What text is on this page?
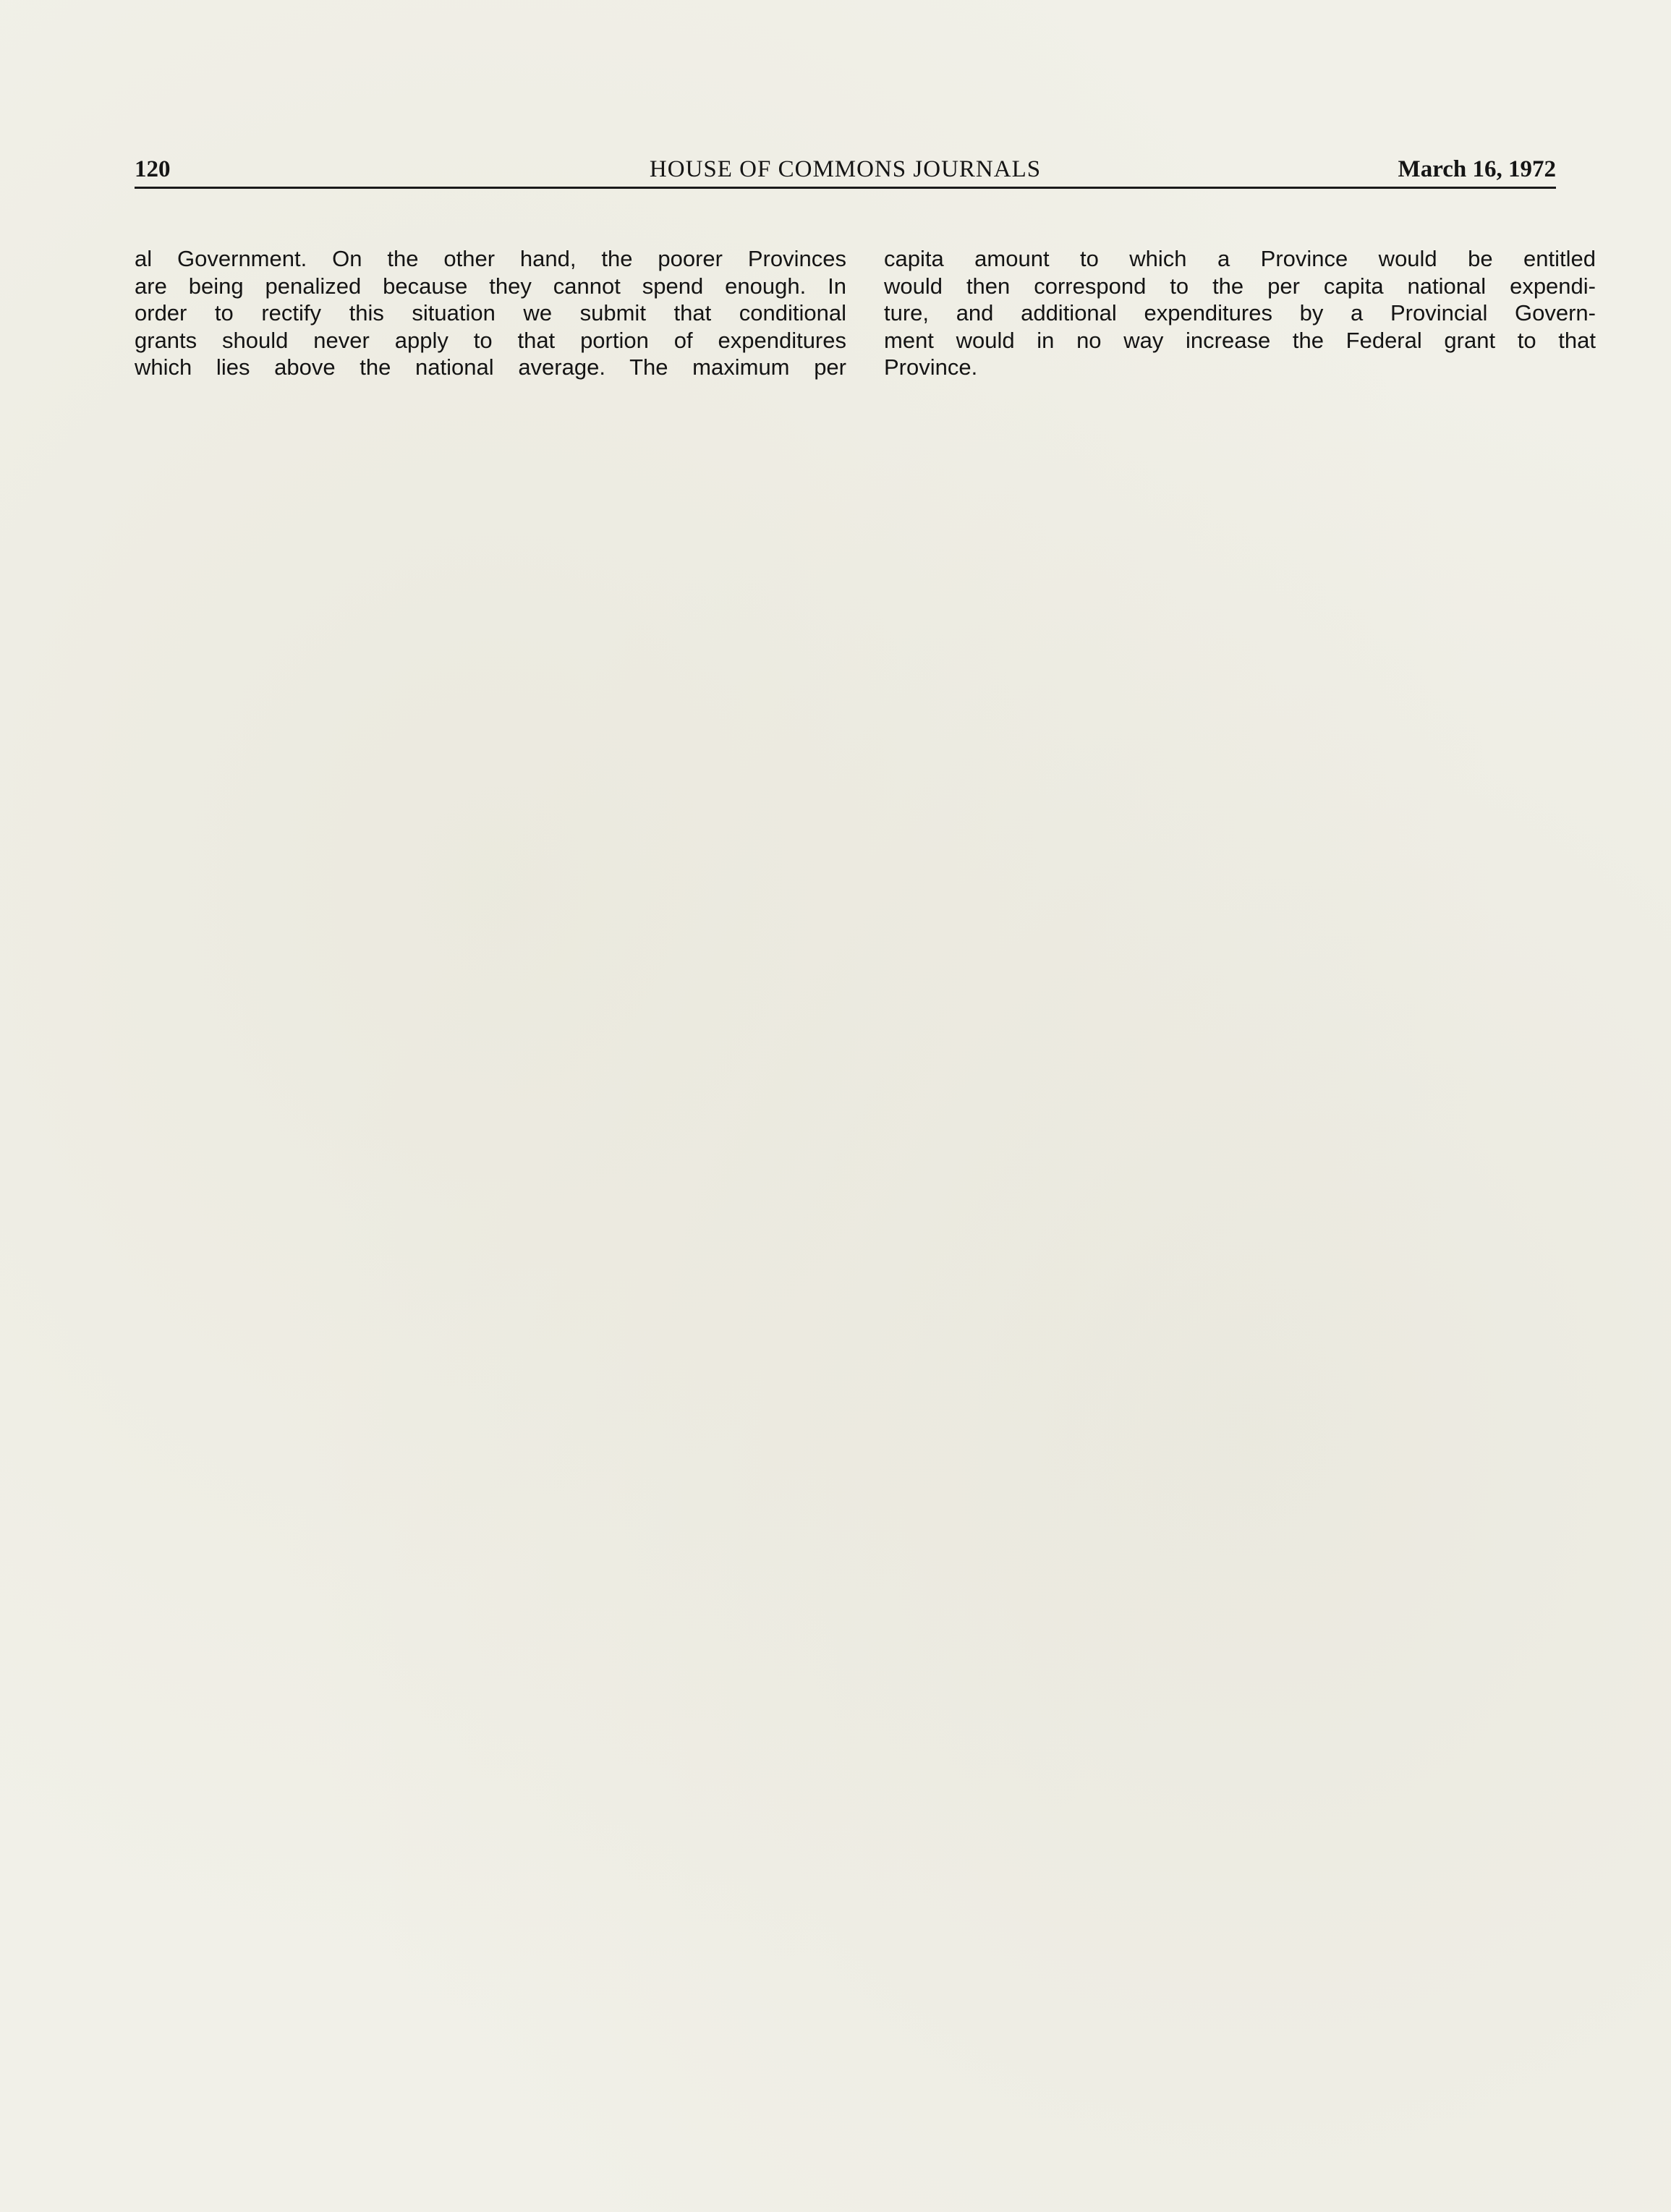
120	HOUSE OF COMMONS JOURNALS	March 16, 1972
al Government. On the other hand, the poorer Provinces
are being penalized because they cannot spend enough. In
order to rectify this situation we submit that conditional
grants should never apply to that portion of expenditures
which lies above the national average. The maximum per
capita amount to which a Province would be entitled
would then correspond to the per capita national expendi-
ture, and additional expenditures by a Provincial Govern-
ment would in no way increase the Federal grant to that
Province.
